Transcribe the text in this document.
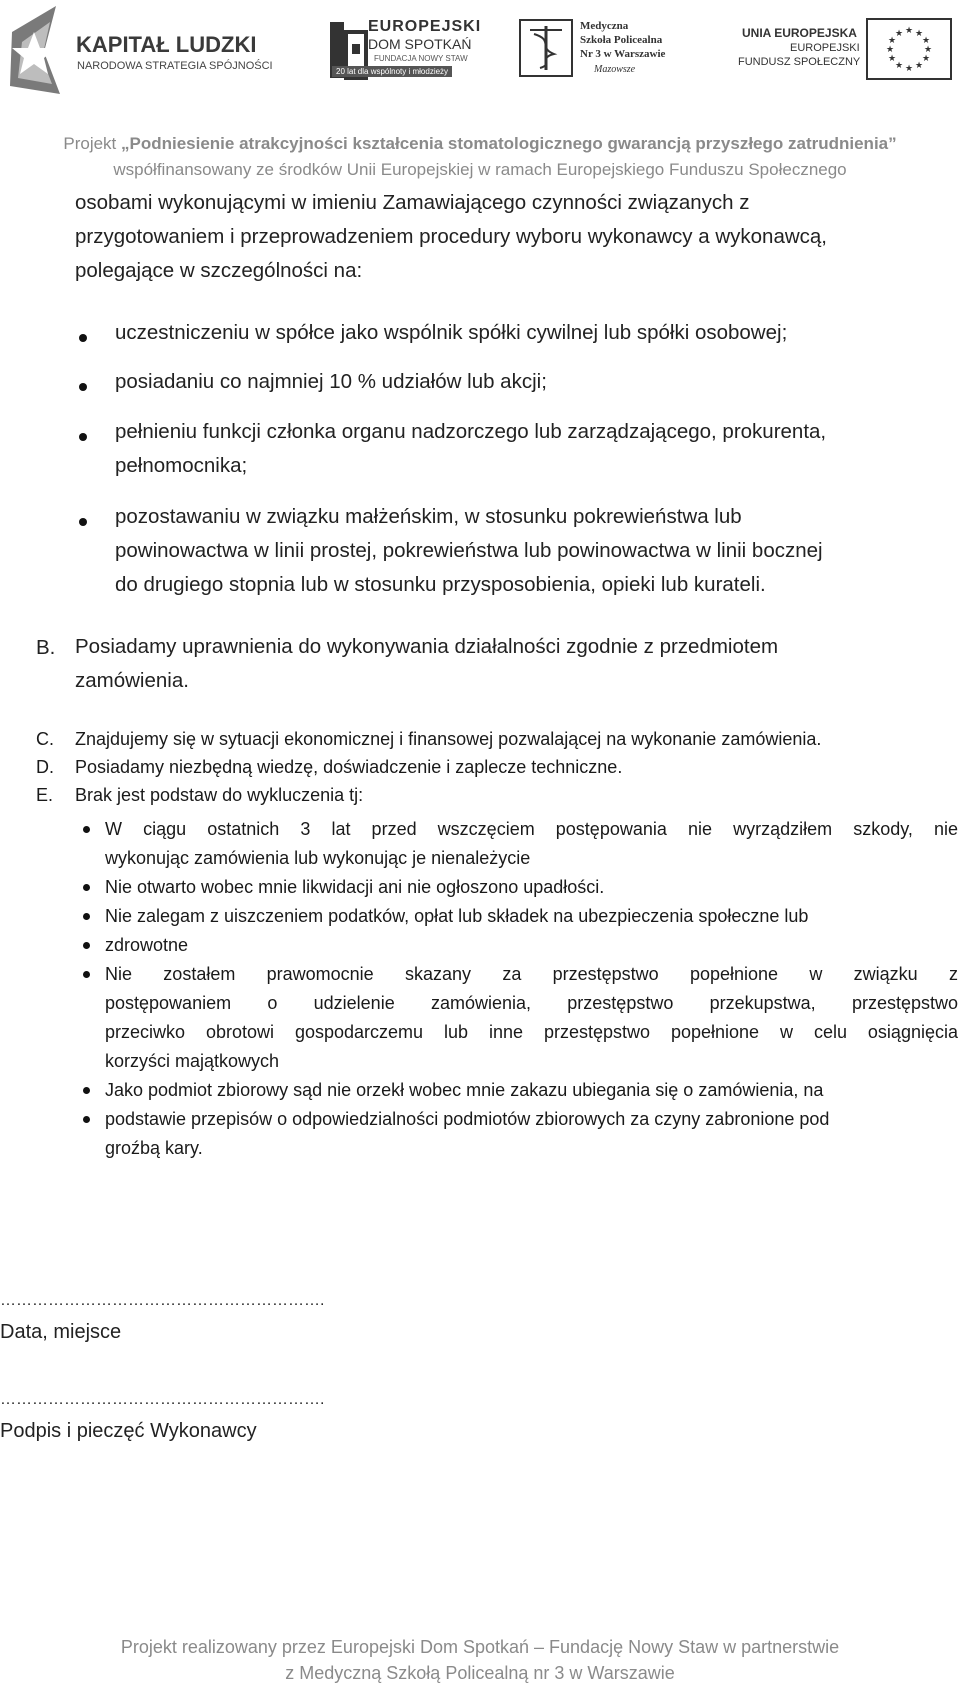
KAPITAŁ LUDZKI
NARODOWA STRATEGIA SPÓJNOŚCI
EUROPEJSKI
DOM SPOTKAŃ
FUNDACJA NOWY STAW
20 lat dla wspólnoty i młodzieży
Medyczna
Szkoła Policealna
Nr 3 w Warszawie
Mazowsze
UNIA EUROPEJSKA
EUROPEJSKI
FUNDUSZ SPOŁECZNY
★ ★
★
★
★
★
★
★
★
★
★
★
Projekt „Podniesienie atrakcyjności kształcenia stomatologicznego gwarancją przyszłego zatrudnienia”
współfinansowany ze środków Unii Europejskiej w ramach Europejskiego Funduszu Społecznego
osobami wykonującymi w imieniu Zamawiającego czynności związanych z
przygotowaniem i przeprowadzeniem procedury wyboru wykonawcy a wykonawcą,
polegające w szczególności na:
uczestniczeniu w spółce jako wspólnik spółki cywilnej lub spółki osobowej;
posiadaniu co najmniej 10 % udziałów lub akcji;
pełnieniu funkcji członka organu nadzorczego lub zarządzającego, prokurenta,
pełnomocnika;
pozostawaniu w związku małżeńskim, w stosunku pokrewieństwa lub
powinowactwa w linii prostej, pokrewieństwa lub powinowactwa w linii bocznej
do drugiego stopnia lub w stosunku przysposobienia, opieki lub kurateli.
B. Posiadamy uprawnienia do wykonywania działalności zgodnie z przedmiotem
zamówienia.
C. Znajdujemy się w sytuacji ekonomicznej i finansowej pozwalającej na wykonanie zamówienia.
D. Posiadamy niezbędną wiedzę, doświadczenie i zaplecze techniczne.
E. Brak jest podstaw do wykluczenia tj:
W ciągu ostatnich 3 lat przed wszczęciem postępowania nie wyrządziłem szkody, nie
wykonując zamówienia lub wykonując je nienależycie
Nie otwarto wobec mnie likwidacji ani nie ogłoszono upadłości.
Nie zalegam z uiszczeniem podatków, opłat lub składek na ubezpieczenia społeczne lub
zdrowotne
Nie zostałem prawomocnie skazany za przestępstwo popełnione w związku z
postępowaniem o udzielenie zamówienia, przestępstwo przekupstwa, przestępstwo
przeciwko obrotowi gospodarczemu lub inne przestępstwo popełnione w celu osiągnięcia
korzyści majątkowych
Jako podmiot zbiorowy sąd nie orzekł wobec mnie zakazu ubiegania się o zamówienia, na
podstawie przepisów o odpowiedzialności podmiotów zbiorowych za czyny zabronione pod
groźbą kary.
…………………………………………………….
Data, miejsce
…………………………………………………….
Podpis i pieczęć Wykonawcy
Projekt realizowany przez Europejski Dom Spotkań – Fundację Nowy Staw w partnerstwie
z Medyczną Szkołą Policealną nr 3 w Warszawie
